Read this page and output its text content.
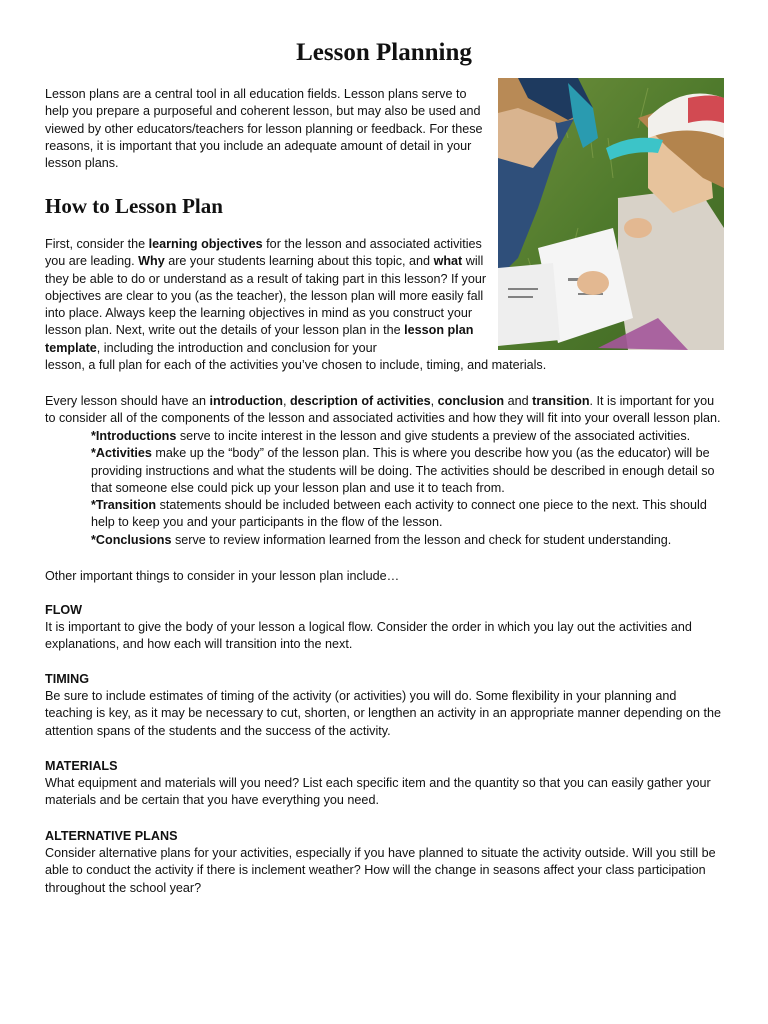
Lesson Planning

Lesson plans are a central tool in all education fields. Lesson plans serve to help you prepare a purposeful and coherent lesson, but may also be used and viewed by other educators/teachers for lesson planning or feedback. For these reasons, it is important that you include an adequate amount of detail in your lesson plans.

How to Lesson Plan

First, consider the learning objectives for the lesson and associated activities you are leading. Why are your students learning about this topic, and what will they be able to do or understand as a result of taking part in this lesson? If your objectives are clear to you (as the teacher), the lesson plan will more easily fall into place. Always keep the learning objectives in mind as you construct your lesson plan. Next, write out the details of your lesson plan in the lesson plan template, including the introduction and conclusion for your
lesson, a full plan for each of the activities you’ve chosen to include, timing, and materials.

Every lesson should have an introduction, description of activities, conclusion and transition. It is important for you to consider all of the components of the lesson and associated activities and how they will fit into your overall lesson plan.

*Introductions serve to incite interest in the lesson and give students a preview of the associated activities.

*Activities make up the “body” of the lesson plan. This is where you describe how you (as the educator) will be providing instructions and what the students will be doing. The activities should be described in enough detail so that someone else could pick up your lesson plan and use it to teach from.

*Transition statements should be included between each activity to connect one piece to the next. This should help to keep you and your participants in the flow of the lesson.

*Conclusions serve to review information learned from the lesson and check for student understanding.

Other important things to consider in your lesson plan include…

FLOW

It is important to give the body of your lesson a logical flow. Consider the order in which you lay out the activities and explanations, and how each will transition into the next.

TIMING

Be sure to include estimates of timing of the activity (or activities) you will do. Some flexibility in your planning and teaching is key, as it may be necessary to cut, shorten, or lengthen an activity in an appropriate manner depending on the attention spans of the students and the success of the activity.

MATERIALS

What equipment and materials will you need? List each specific item and the quantity so that you can easily gather your materials and be certain that you have everything you need.

ALTERNATIVE PLANS

Consider alternative plans for your activities, especially if you have planned to situate the activity outside. Will you still be able to conduct the activity if there is inclement weather? How will the change in seasons affect your class participation throughout the school year?
